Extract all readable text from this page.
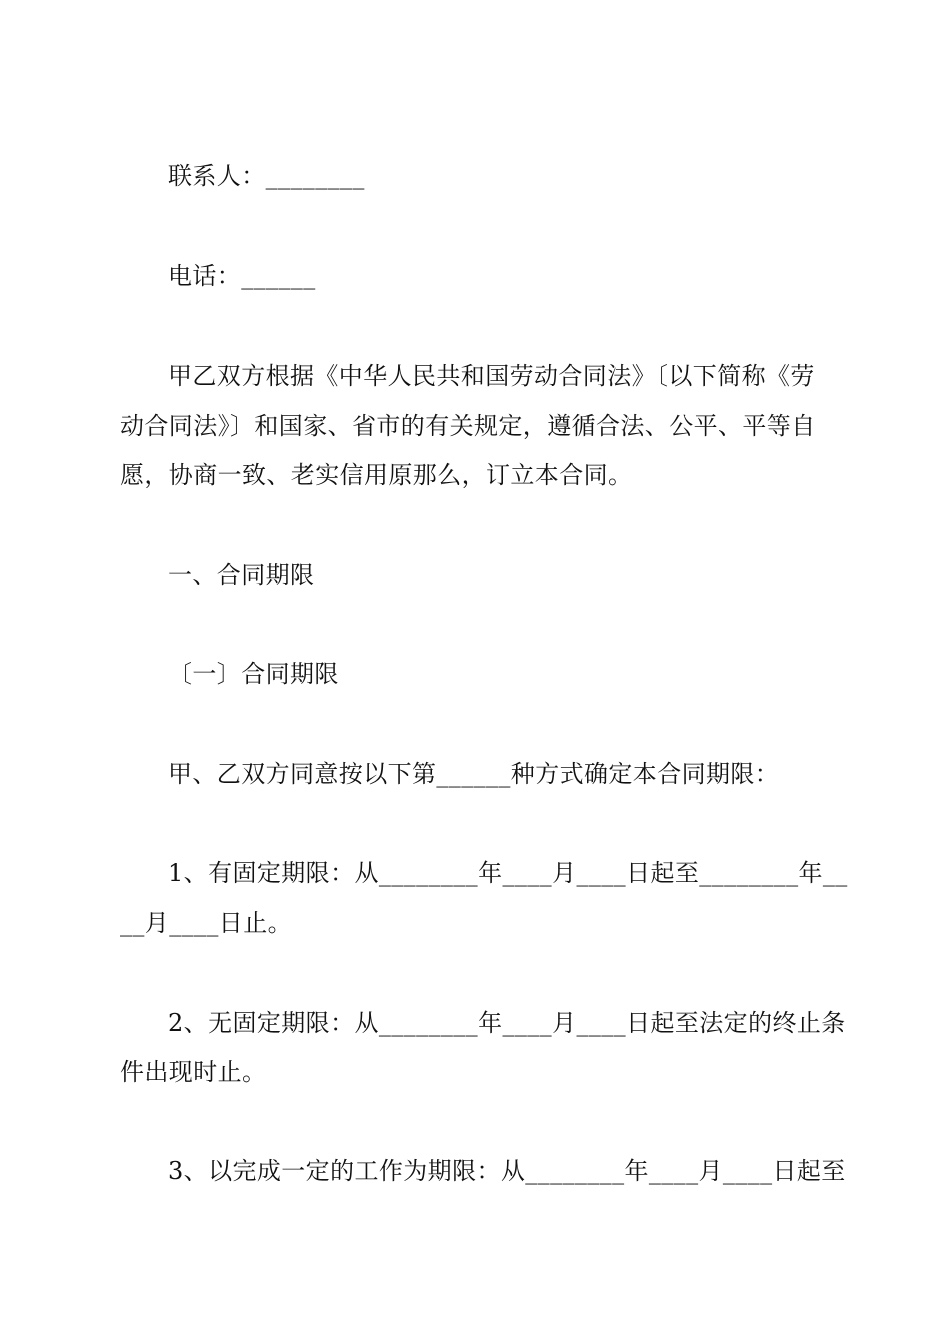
联系人：________
电话：______
甲乙双方根据《中华人民共和国劳动合同法》〔以下简称《劳
动合同法》〕和国家、省市的有关规定，遵循合法、公平、平等自
愿，协商一致、老实信用原那么，订立本合同。
一、合同期限
〔一〕合同期限
甲、乙双方同意按以下第______种方式确定本合同期限：
1、有固定期限：从________年____月____日起至________年__
__月____日止。
2、无固定期限：从________年____月____日起至法定的终止条
件出现时止。
3、以完成一定的工作为期限：从________年____月____日起至
